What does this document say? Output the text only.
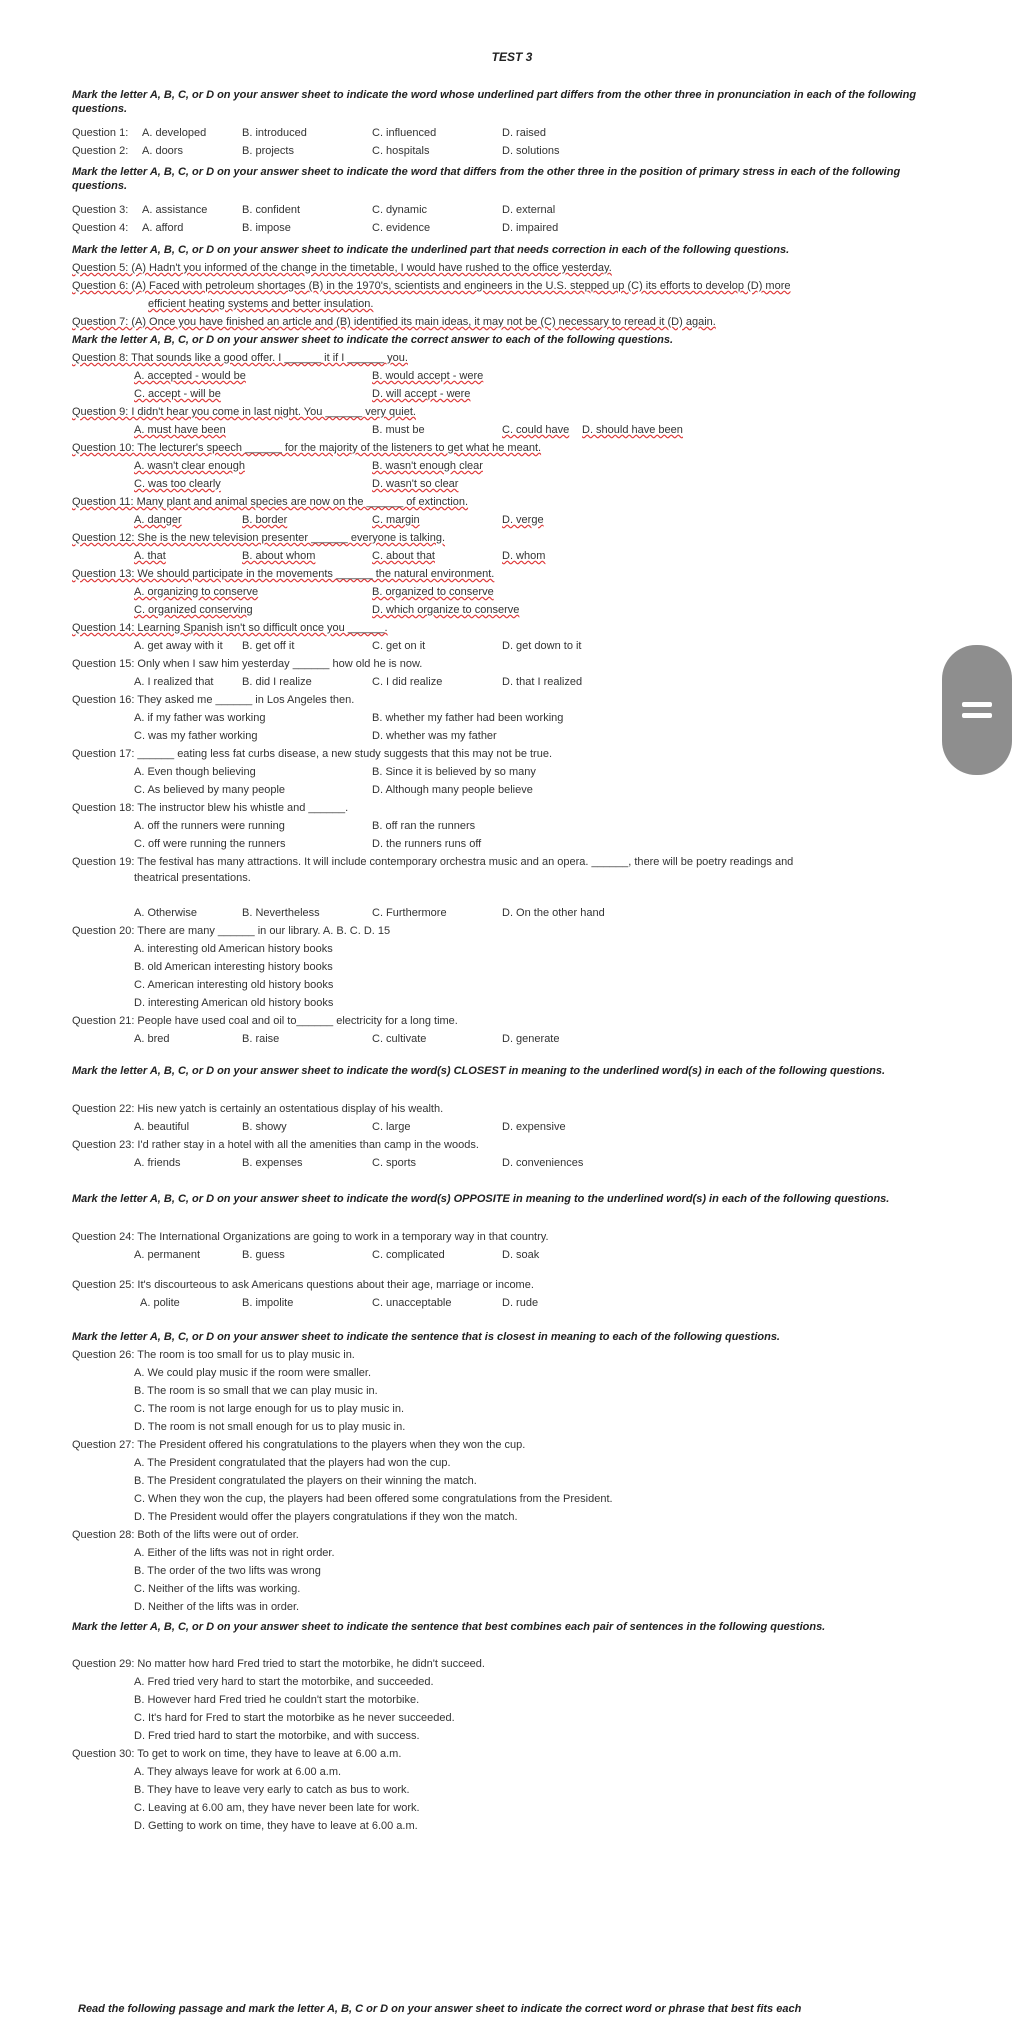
TEST 3
Mark the letter A, B, C, or D on your answer sheet to indicate the word whose underlined part differs from the other three in pronunciation in each of the following questions.
Question 1: A. developed	B. introduced	C. influenced	D. raised
Question 2: A. doors	B. projects	C. hospitals	D. solutions
Mark the letter A, B, C, or D on your answer sheet to indicate the word that differs from the other three in the position of primary stress in each of the following questions.
Question 3: A. assistance	B. confident	C. dynamic	D. external
Question 4: A. afford	B. impose	C. evidence	D. impaired
Mark the letter A, B, C, or D on your answer sheet to indicate the underlined part that needs correction in each of the following questions.
Question 5: (A) Hadn't you informed of the change in the timetable, I would have rushed to the office yesterday.
Question 6: (A) Faced with petroleum shortages (B) in the 1970's, scientists and engineers in the U.S. stepped up (C) its efforts to develop (D) more
efficient heating systems and better insulation.
Question 7: (A) Once you have finished an article and (B) identified its main ideas, it may not be (C) necessary to reread it (D) again.
Mark the letter A, B, C, or D on your answer sheet to indicate the correct answer to each of the following questions.
Question 8: That sounds like a good offer. I ______ it if I ______ you.
A. accepted - would be	B. would accept - were
C. accept - will be	D. will accept - were
Question 9: I didn't hear you come in last night. You ______ very quiet.
A. must have been	B. must be	C. could have D. should have been
Question 10: The lecturer's speech ______ for the majority of the listeners to get what he meant.
A. wasn't clear enough	B. wasn't enough clear
C. was too clearly	D. wasn't so clear
Question 11: Many plant and animal species are now on the ______ of extinction.
A. danger	B. border	C. margin	D. verge
Question 12: She is the new television presenter ______ everyone is talking.
A. that	B. about whom	C. about that	D. whom
Question 13: We should participate in the movements ______ the natural environment.
A. organizing to conserve	B. organized to conserve
C. organized conserving	D. which organize to conserve
Question 14: Learning Spanish isn't so difficult once you ______.
A. get away with it B. get off it	C. get on it	D. get down to it
Question 15: Only when I saw him yesterday ______ how old he is now.
A. I realized that	B. did I realize	C. I did realize	D. that I realized
Question 16: They asked me ______ in Los Angeles then.
A. if my father was working	B. whether my father had been working
C. was my father working	D. whether was my father
Question 17: ______ eating less fat curbs disease, a new study suggests that this may not be true.
A. Even though believing	B. Since it is believed by so many
C. As believed by many people	D. Although many people believe
Question 18: The instructor blew his whistle and ______.
A. off the runners were running	B. off ran the runners
C. off were running the runners	D. the runners runs off
Question 19: The festival has many attractions. It will include contemporary orchestra music and an opera. ______, there will be poetry readings and
theatrical presentations.
A. Otherwise	B. Nevertheless	C. Furthermore	D. On the other hand
Question 20: There are many ______ in our library. A. B. C. D. 15
A. interesting old American history books
B. old American interesting history books
C. American interesting old history books
D. interesting American old history books
Question 21: People have used coal and oil to______ electricity for a long time.
A. bred	B. raise	C. cultivate	D. generate
Mark the letter A, B, C, or D on your answer sheet to indicate the word(s) CLOSEST in meaning to the underlined word(s) in each of the following questions.
Question 22: His new yatch is certainly an ostentatious display of his wealth.
A. beautiful	B. showy	C. large	D. expensive
Question 23: I'd rather stay in a hotel with all the amenities than camp in the woods.
A. friends	B. expenses	C. sports	D. conveniences
Mark the letter A, B, C, or D on your answer sheet to indicate the word(s) OPPOSITE in meaning to the underlined word(s) in each of the following questions.
Question 24: The International Organizations are going to work in a temporary way in that country.
A. permanent	B. guess	C. complicated	D. soak
Question 25: It's discourteous to ask Americans questions about their age, marriage or income.
A. polite	B. impolite	C. unacceptable	D. rude
Mark the letter A, B, C, or D on your answer sheet to indicate the sentence that is closest in meaning to each of the following questions.
Question 26: The room is too small for us to play music in.
A. We could play music if the room were smaller.
B. The room is so small that we can play music in.
C. The room is not large enough for us to play music in.
D. The room is not small enough for us to play music in.
Question 27: The President offered his congratulations to the players when they won the cup.
A. The President congratulated that the players had won the cup.
B. The President congratulated the players on their winning the match.
C. When they won the cup, the players had been offered some congratulations from the President.
D. The President would offer the players congratulations if they won the match.
Question 28: Both of the lifts were out of order.
A. Either of the lifts was not in right order.
B. The order of the two lifts was wrong
C. Neither of the lifts was working.
D. Neither of the lifts was in order.
Mark the letter A, B, C, or D on your answer sheet to indicate the sentence that best combines each pair of sentences in the following questions.
Question 29: No matter how hard Fred tried to start the motorbike, he didn't succeed.
A. Fred tried very hard to start the motorbike, and succeeded.
B. However hard Fred tried he couldn't start the motorbike.
C. It's hard for Fred to start the motorbike as he never succeeded.
D. Fred tried hard to start the motorbike, and with success.
Question 30: To get to work on time, they have to leave at 6.00 a.m.
A. They always leave for work at 6.00 a.m.
B. They have to leave very early to catch as bus to work.
C. Leaving at 6.00 am, they have never been late for work.
D. Getting to work on time, they have to leave at 6.00 a.m.
Read the following passage and mark the letter A, B, C or D on your answer sheet to indicate the correct word or phrase that best fits each
